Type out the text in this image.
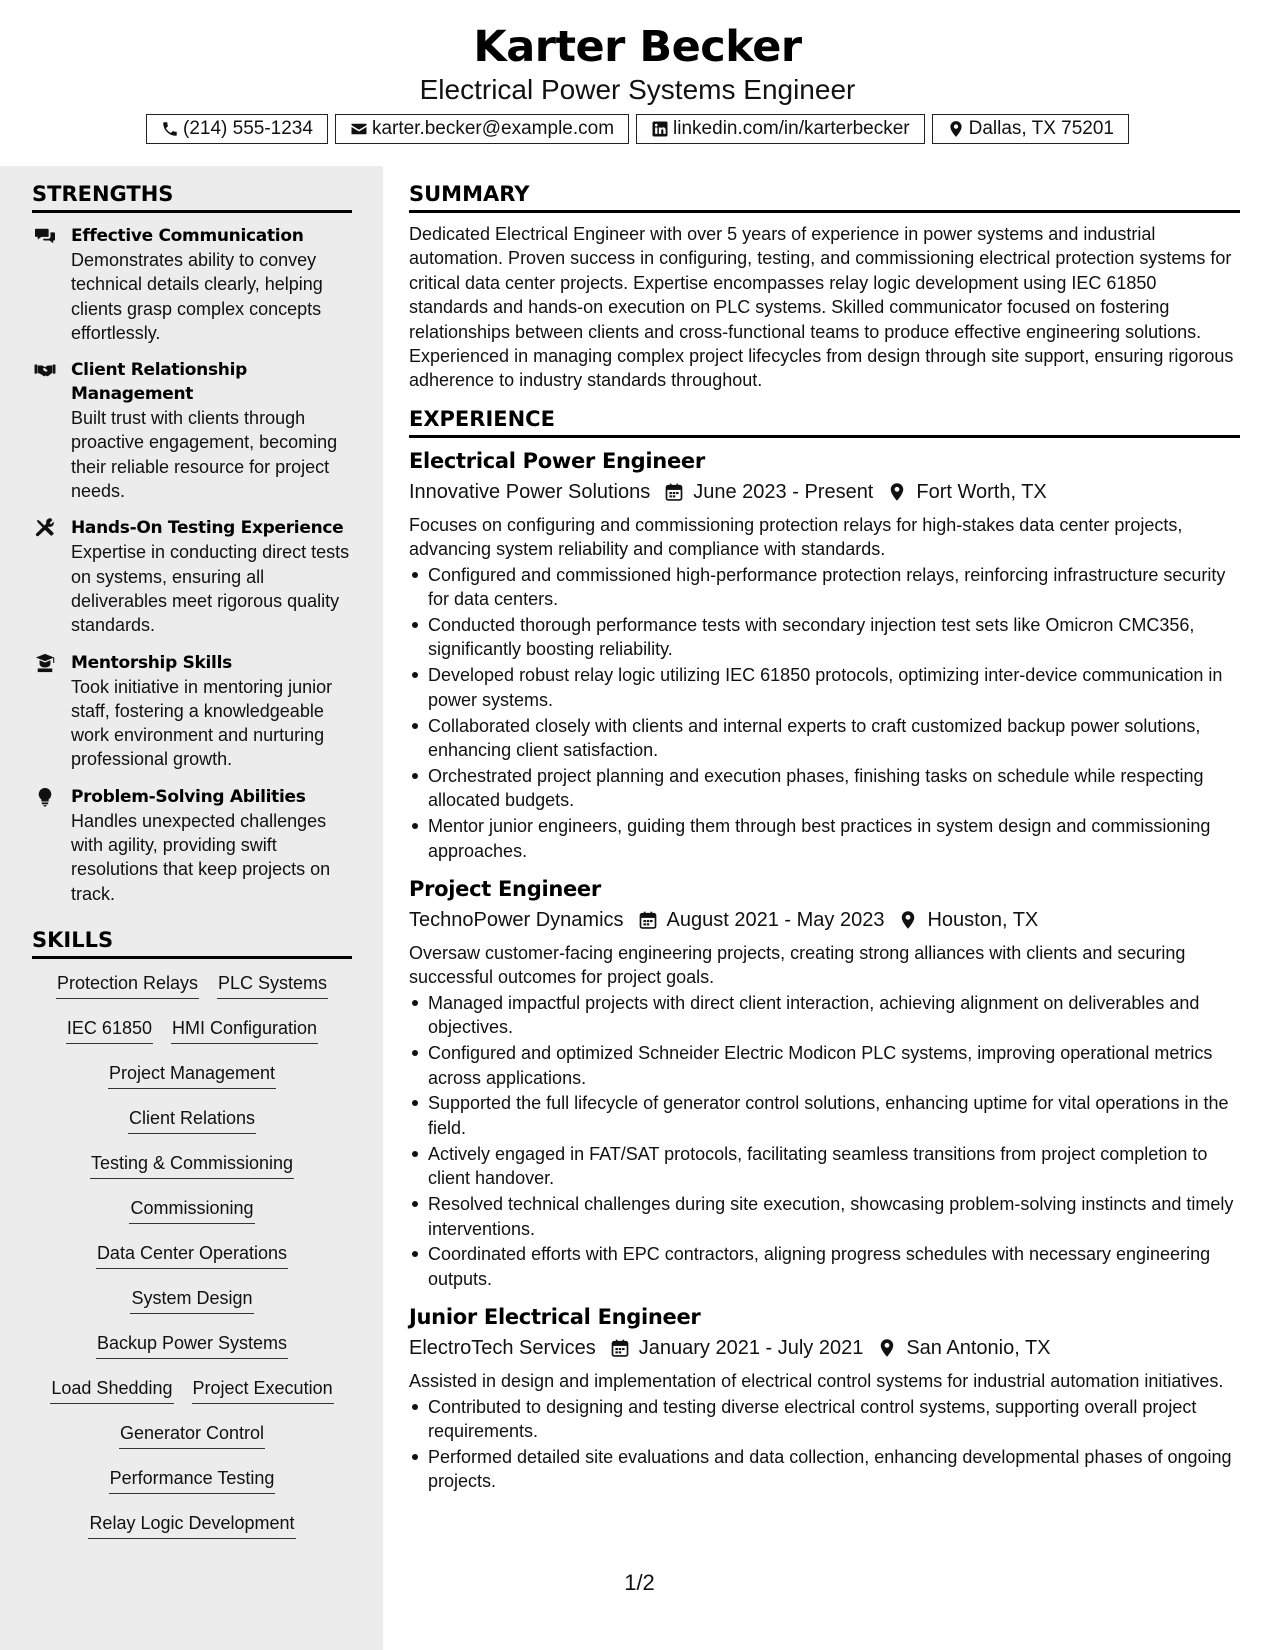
Karter Becker
Electrical Power Systems Engineer
(214) 555-1234	karter.becker@example.com	linkedin.com/in/karterbecker	Dallas, TX 75201
STRENGTHS
Effective Communication
Demonstrates ability to convey technical details clearly, helping clients grasp complex concepts effortlessly.
Client Relationship Management
Built trust with clients through proactive engagement, becoming their reliable resource for project needs.
Hands-On Testing Experience
Expertise in conducting direct tests on systems, ensuring all deliverables meet rigorous quality standards.
Mentorship Skills
Took initiative in mentoring junior staff, fostering a knowledgeable work environment and nurturing professional growth.
Problem-Solving Abilities
Handles unexpected challenges with agility, providing swift resolutions that keep projects on track.
SKILLS
Protection Relays PLC Systems
IEC 61850 HMI Configuration
Project Management
Client Relations
Testing & Commissioning
Commissioning
Data Center Operations
System Design
Backup Power Systems
Load Shedding Project Execution
Generator Control
Performance Testing
Relay Logic Development
SUMMARY
Dedicated Electrical Engineer with over 5 years of experience in power systems and industrial automation. Proven success in configuring, testing, and commissioning electrical protection systems for critical data center projects. Expertise encompasses relay logic development using IEC 61850 standards and hands-on execution on PLC systems. Skilled communicator focused on fostering relationships between clients and cross-functional teams to produce effective engineering solutions. Experienced in managing complex project lifecycles from design through site support, ensuring rigorous adherence to industry standards throughout.
EXPERIENCE
Electrical Power Engineer
Innovative Power Solutions June 2023 - Present Fort Worth, TX
Focuses on configuring and commissioning protection relays for high-stakes data center projects, advancing system reliability and compliance with standards.
Configured and commissioned high-performance protection relays, reinforcing infrastructure security for data centers.
Conducted thorough performance tests with secondary injection test sets like Omicron CMC356, significantly boosting reliability.
Developed robust relay logic utilizing IEC 61850 protocols, optimizing inter-device communication in power systems.
Collaborated closely with clients and internal experts to craft customized backup power solutions, enhancing client satisfaction.
Orchestrated project planning and execution phases, finishing tasks on schedule while respecting allocated budgets.
Mentor junior engineers, guiding them through best practices in system design and commissioning approaches.
Project Engineer
TechnoPower Dynamics August 2021 - May 2023 Houston, TX
Oversaw customer-facing engineering projects, creating strong alliances with clients and securing successful outcomes for project goals.
Managed impactful projects with direct client interaction, achieving alignment on deliverables and objectives.
Configured and optimized Schneider Electric Modicon PLC systems, improving operational metrics across applications.
Supported the full lifecycle of generator control solutions, enhancing uptime for vital operations in the field.
Actively engaged in FAT/SAT protocols, facilitating seamless transitions from project completion to client handover.
Resolved technical challenges during site execution, showcasing problem-solving instincts and timely interventions.
Coordinated efforts with EPC contractors, aligning progress schedules with necessary engineering outputs.
Junior Electrical Engineer
ElectroTech Services January 2021 - July 2021 San Antonio, TX
Assisted in design and implementation of electrical control systems for industrial automation initiatives.
Contributed to designing and testing diverse electrical control systems, supporting overall project requirements.
Performed detailed site evaluations and data collection, enhancing developmental phases of ongoing projects.
1/2
